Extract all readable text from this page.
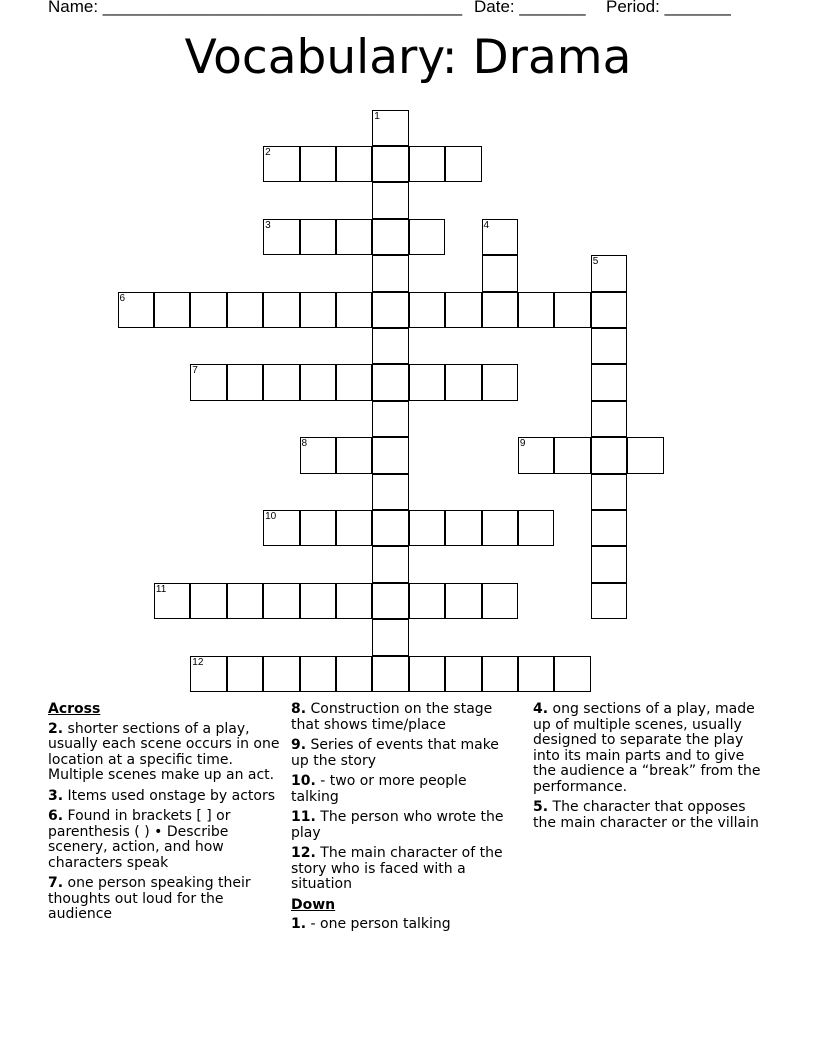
Name: ______________________________________ Date: _______ Period: _______
Vocabulary: Drama
1
2
3	4
5
6
7
8	9
10
11
12
Across
2. shorter sections of a play, usually each scene occurs in one location at a specific time. Multiple scenes make up an act.
3. Items used onstage by actors
6. Found in brackets [ ] or parenthesis ( ) • Describe scenery, action, and how characters speak
7. one person speaking their thoughts out loud for the audience
8. Construction on the stage that shows time/place
9. Series of events that make up the story
10. - two or more people talking
11. The person who wrote the play
12. The main character of the story who is faced with a situation
Down
1. - one person talking
4. ong sections of a play, made up of multiple scenes, usually designed to separate the play into its main parts and to give the audience a “break” from the performance.
5. The character that opposes the main character or the villain
